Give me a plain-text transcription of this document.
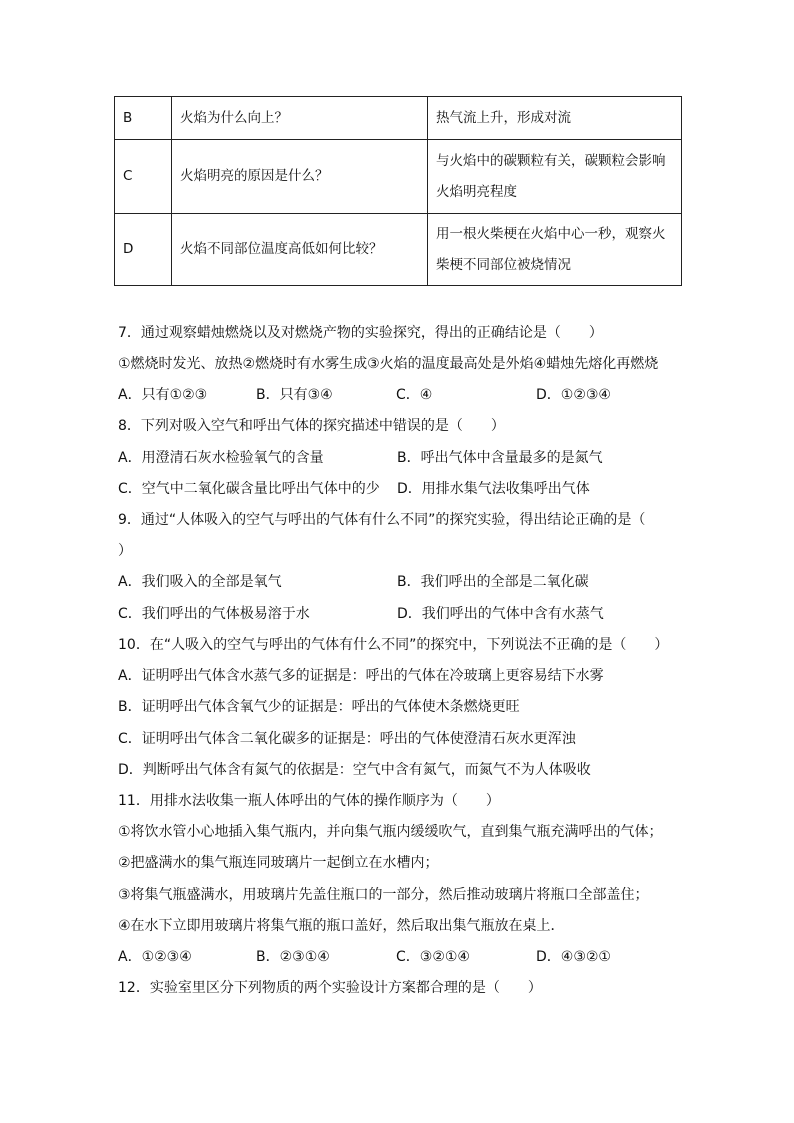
B	火焰为什么向上？	热气流上升，形成对流
C	火焰明亮的原因是什么？	与火焰中的碳颗粒有关，碳颗粒会影响火焰明亮程度
D	火焰不同部位温度高低如何比较？	用一根火柴梗在火焰中心一秒，观察火柴梗不同部位被烧情况
7．通过观察蜡烛燃烧以及对燃烧产物的实验探究，得出的正确结论是（　　）
①燃烧时发光、放热②燃烧时有水雾生成③火焰的温度最高处是外焰④蜡烛先熔化再燃烧
A．只有①②③	B．只有③④	C．④	D．①②③④
8．下列对吸入空气和呼出气体的探究描述中错误的是（　　）
A．用澄清石灰水检验氧气的含量	B．呼出气体中含量最多的是氮气
C．空气中二氧化碳含量比呼出气体中的少 D．用排水集气法收集呼出气体
9．通过“人体吸入的空气与呼出的气体有什么不同”的探究实验，得出结论正确的是（
）
A．我们吸入的全部是氧气	B．我们呼出的全部是二氧化碳
C．我们呼出的气体极易溶于水	D．我们呼出的气体中含有水蒸气
10．在“人吸入的空气与呼出的气体有什么不同”的探究中，下列说法不正确的是（　　）
A．证明呼出气体含水蒸气多的证据是：呼出的气体在冷玻璃上更容易结下水雾
B．证明呼出气体含氧气少的证据是：呼出的气体使木条燃烧更旺
C．证明呼出气体含二氧化碳多的证据是：呼出的气体使澄清石灰水更浑浊
D．判断呼出气体含有氮气的依据是：空气中含有氮气，而氮气不为人体吸收
11．用排水法收集一瓶人体呼出的气体的操作顺序为（　　）
①将饮水管小心地插入集气瓶内，并向集气瓶内缓缓吹气，直到集气瓶充满呼出的气体；
②把盛满水的集气瓶连同玻璃片一起倒立在水槽内；
③将集气瓶盛满水，用玻璃片先盖住瓶口的一部分，然后推动玻璃片将瓶口全部盖住；
④在水下立即用玻璃片将集气瓶的瓶口盖好，然后取出集气瓶放在桌上．
A．①②③④	B．②③①④	C．③②①④	D．④③②①
12．实验室里区分下列物质的两个实验设计方案都合理的是（　　）
